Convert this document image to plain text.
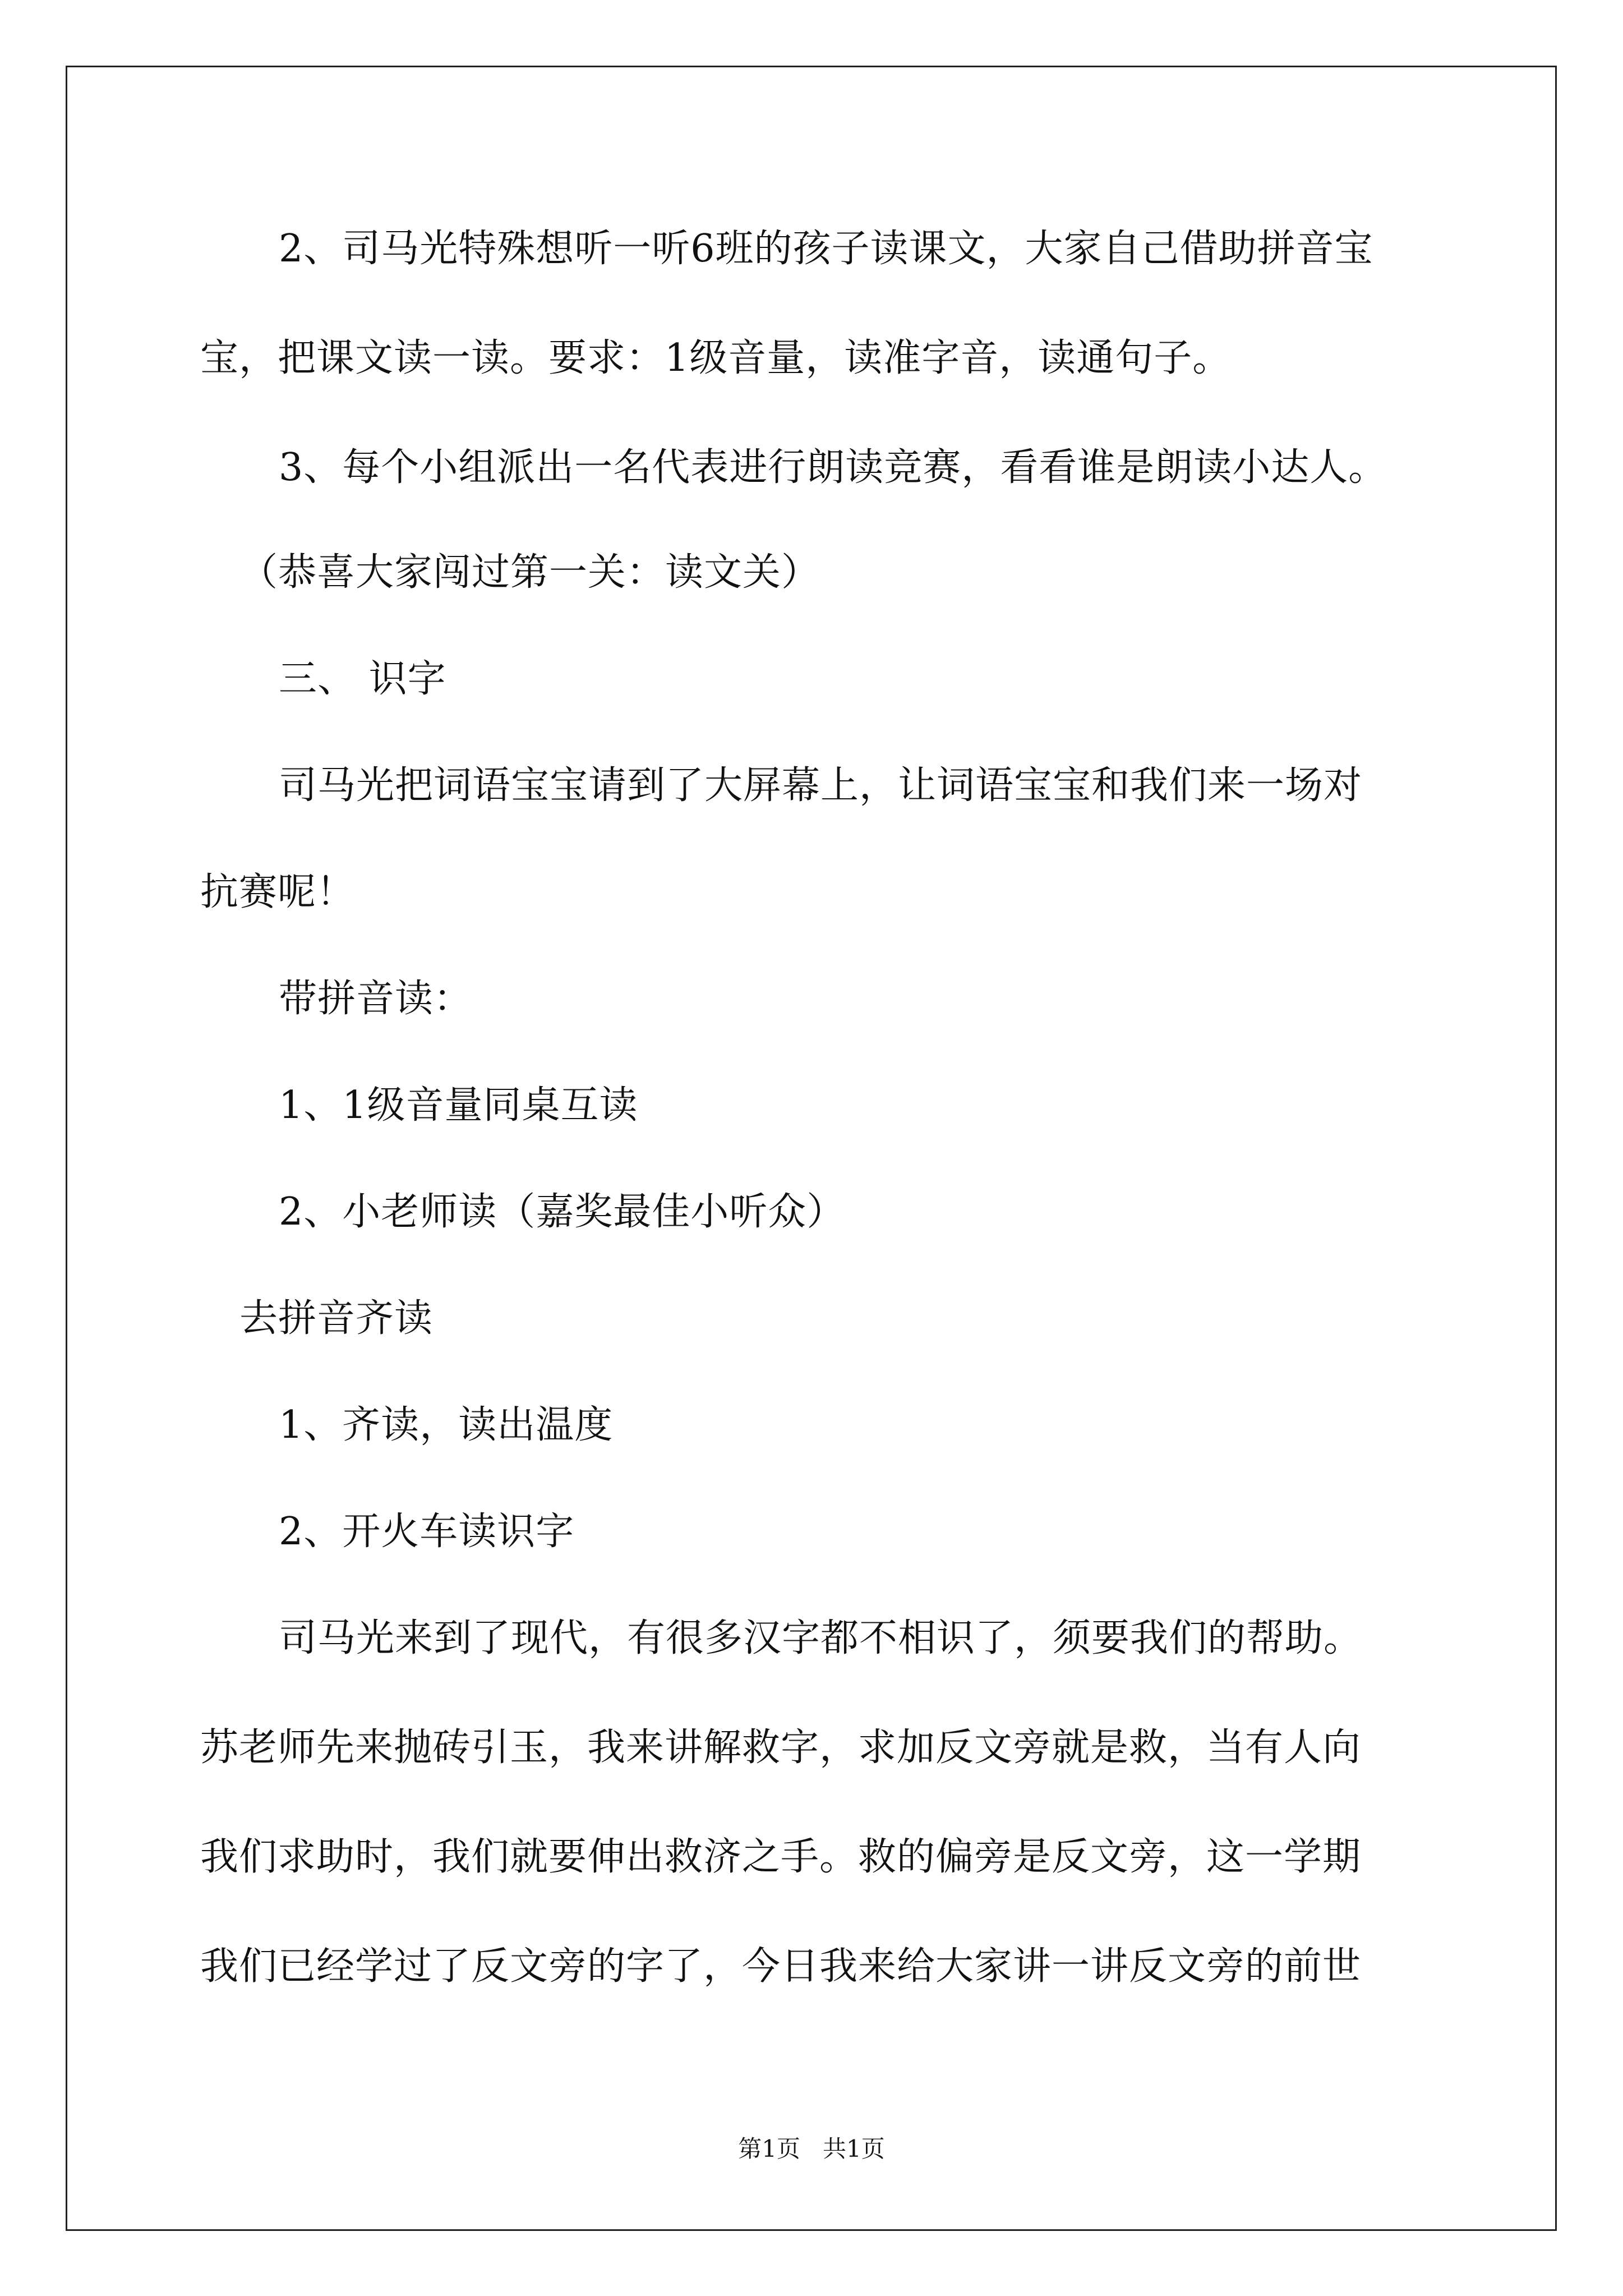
2、司马光特殊想听一听6班的孩子读课文，大家自己借助拼音宝
宝，把课文读一读。要求：1级音量，读准字音，读通句子。
3、每个小组派出一名代表进行朗读竞赛，看看谁是朗读小达人。
（恭喜大家闯过第一关：读文关）
三、 识字
司马光把词语宝宝请到了大屏幕上，让词语宝宝和我们来一场对
抗赛呢！
带拼音读：
1、1级音量同桌互读
2、小老师读（嘉奖最佳小听众）
去拼音齐读
1、齐读，读出温度
2、开火车读识字
司马光来到了现代，有很多汉字都不相识了，须要我们的帮助。
苏老师先来抛砖引玉，我来讲解救字，求加反文旁就是救，当有人向
我们求助时，我们就要伸出救济之手。救的偏旁是反文旁，这一学期
我们已经学过了反文旁的字了，今日我来给大家讲一讲反文旁的前世
第1页   共1页
